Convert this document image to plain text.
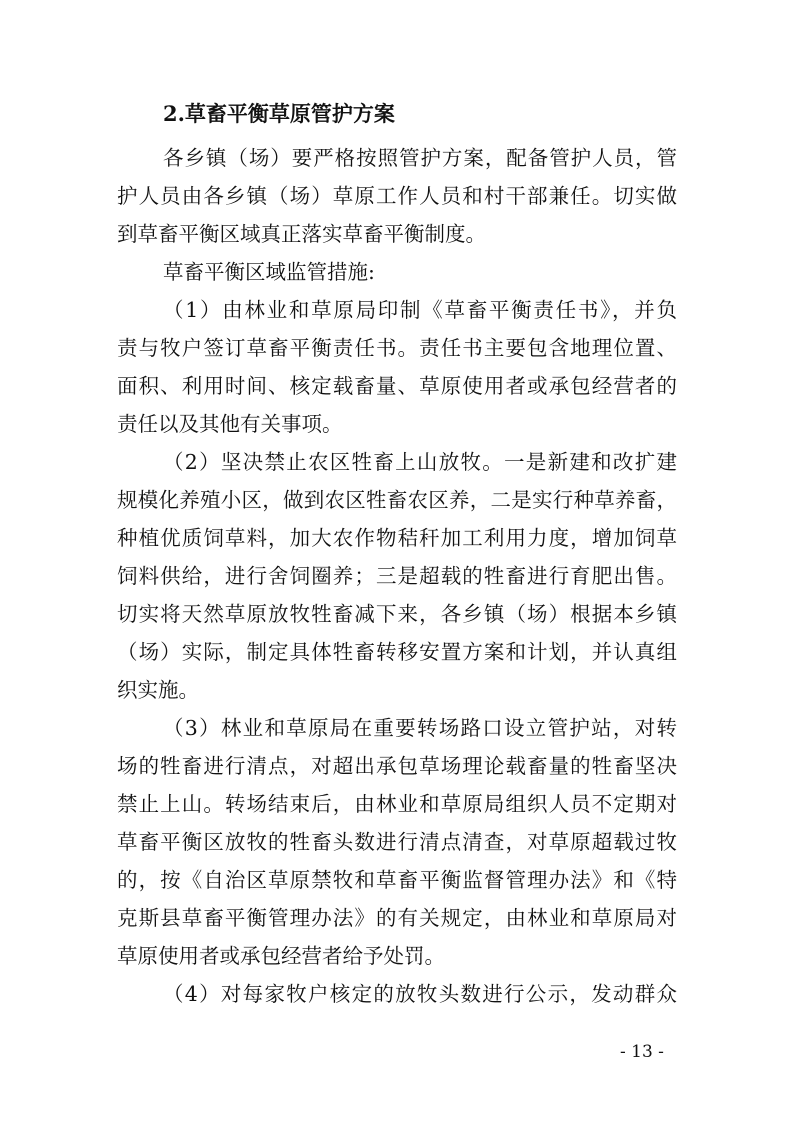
2.草畜平衡草原管护方案
各乡镇（场）要严格按照管护方案，配备管护人员，管
护人员由各乡镇（场）草原工作人员和村干部兼任。切实做
到草畜平衡区域真正落实草畜平衡制度。
草畜平衡区域监管措施:
（1）由林业和草原局印制《草畜平衡责任书》，并负
责与牧户签订草畜平衡责任书。责任书主要包含地理位置、
面积、利用时间、核定载畜量、草原使用者或承包经营者的
责任以及其他有关事项。
（2）坚决禁止农区牲畜上山放牧。一是新建和改扩建
规模化养殖小区，做到农区牲畜农区养，二是实行种草养畜，
种植优质饲草料，加大农作物秸秆加工利用力度，增加饲草
饲料供给，进行舍饲圈养；三是超载的牲畜进行育肥出售。
切实将天然草原放牧牲畜减下来，各乡镇（场）根据本乡镇
（场）实际，制定具体牲畜转移安置方案和计划，并认真组
织实施。
（3）林业和草原局在重要转场路口设立管护站，对转
场的牲畜进行清点，对超出承包草场理论载畜量的牲畜坚决
禁止上山。转场结束后，由林业和草原局组织人员不定期对
草畜平衡区放牧的牲畜头数进行清点清查，对草原超载过牧
的，按《自治区草原禁牧和草畜平衡监督管理办法》和《特
克斯县草畜平衡管理办法》的有关规定，由林业和草原局对
草原使用者或承包经营者给予处罚。
（4）对每家牧户核定的放牧头数进行公示，发动群众
- 13 -
